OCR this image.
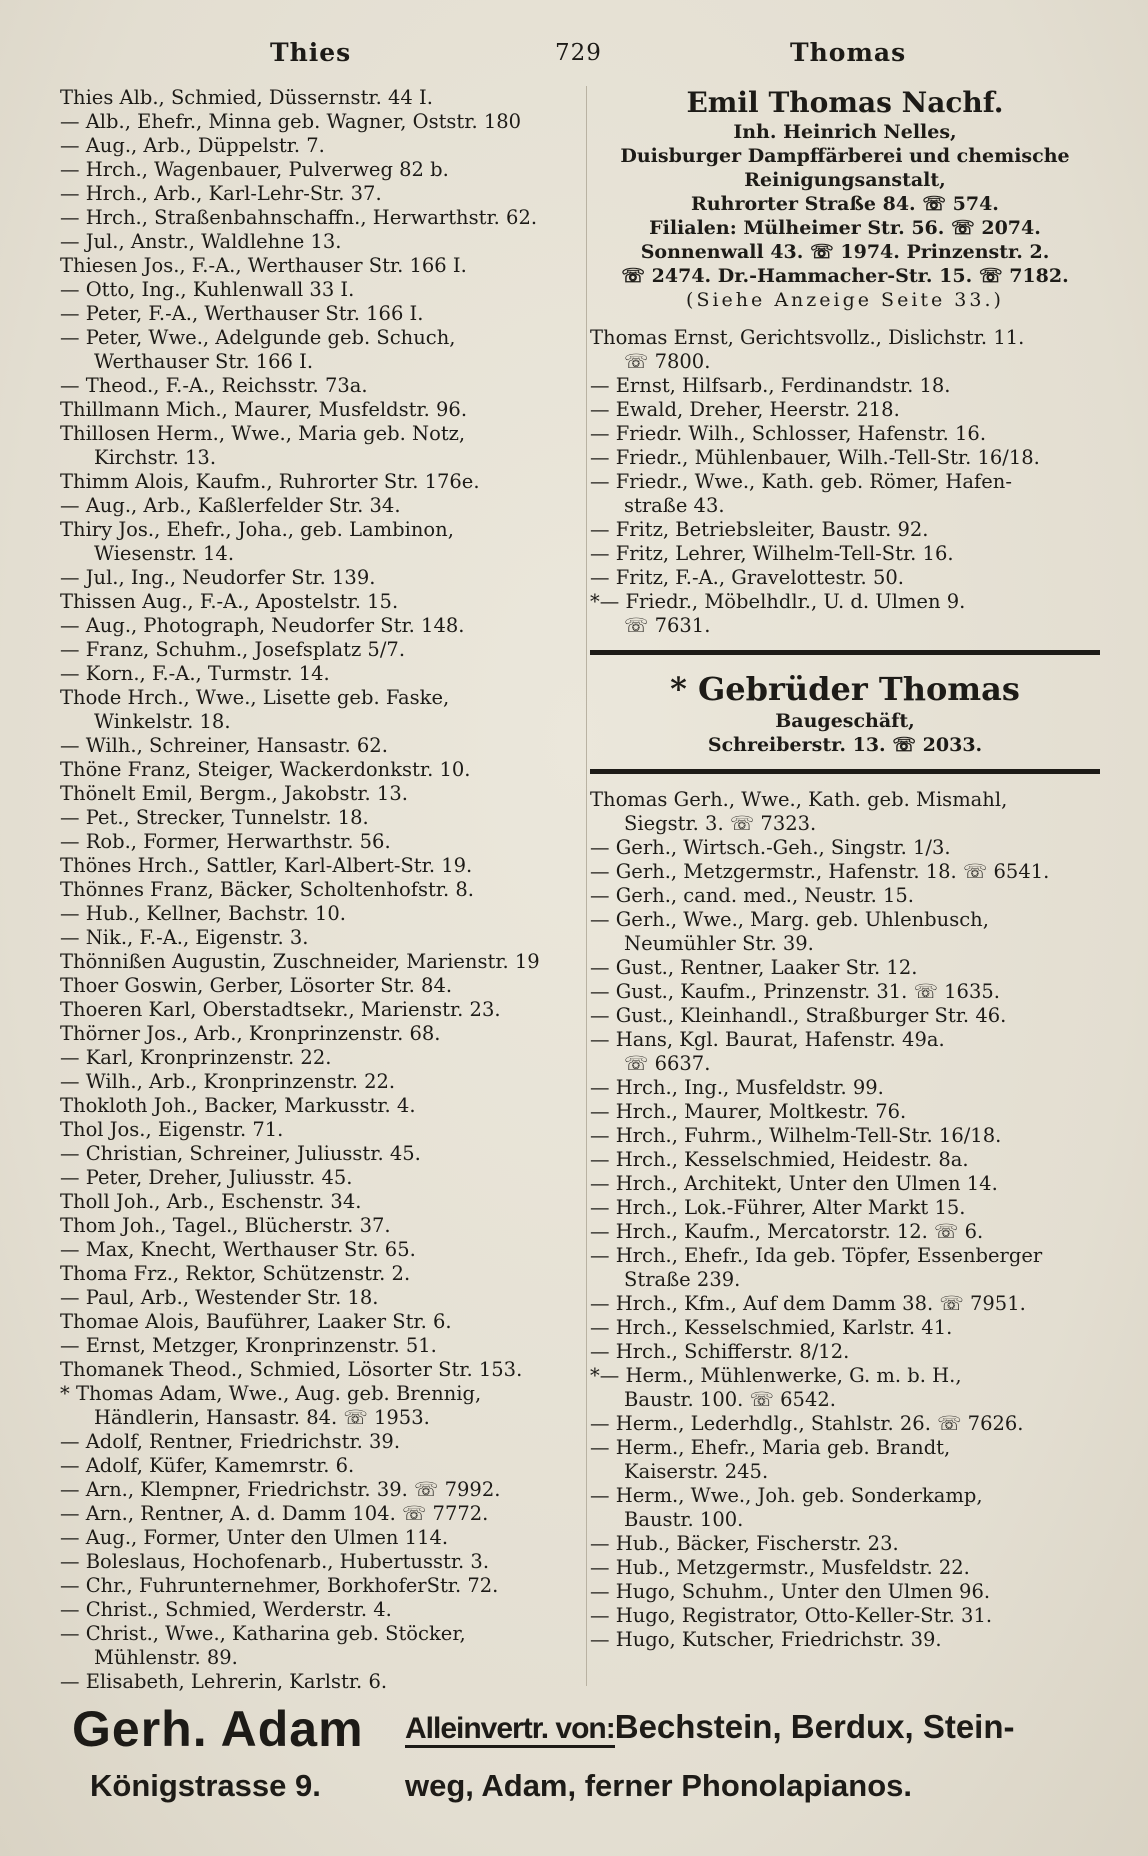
Thies	729	Thomas
Thies Alb., Schmied, Düssernstr. 44 I.
— Alb., Ehefr., Minna geb. Wagner, Oststr. 180
— Aug., Arb., Düppelstr. 7.
— Hrch., Wagenbauer, Pulverweg 82 b.
— Hrch., Arb., Karl-Lehr-Str. 37.
— Hrch., Straßenbahnschaffn., Herwarthstr. 62.
— Jul., Anstr., Waldlehne 13.
Thiesen Jos., F.-A., Werthauser Str. 166 I.
— Otto, Ing., Kuhlenwall 33 I.
— Peter, F.-A., Werthauser Str. 166 I.
— Peter, Wwe., Adelgunde geb. Schuch,
Werthauser Str. 166 I.
— Theod., F.-A., Reichsstr. 73a.
Thillmann Mich., Maurer, Musfeldstr. 96.
Thillosen Herm., Wwe., Maria geb. Notz,
Kirchstr. 13.
Thimm Alois, Kaufm., Ruhrorter Str. 176e.
— Aug., Arb., Kaßlerfelder Str. 34.
Thiry Jos., Ehefr., Joha., geb. Lambinon,
Wiesenstr. 14.
— Jul., Ing., Neudorfer Str. 139.
Thissen Aug., F.-A., Apostelstr. 15.
— Aug., Photograph, Neudorfer Str. 148.
— Franz, Schuhm., Josefsplatz 5/7.
— Korn., F.-A., Turmstr. 14.
Thode Hrch., Wwe., Lisette geb. Faske,
Winkelstr. 18.
— Wilh., Schreiner, Hansastr. 62.
Thöne Franz, Steiger, Wackerdonkstr. 10.
Thönelt Emil, Bergm., Jakobstr. 13.
— Pet., Strecker, Tunnelstr. 18.
— Rob., Former, Herwarthstr. 56.
Thönes Hrch., Sattler, Karl-Albert-Str. 19.
Thönnes Franz, Bäcker, Scholtenhofstr. 8.
— Hub., Kellner, Bachstr. 10.
— Nik., F.-A., Eigenstr. 3.
Thönnißen Augustin, Zuschneider, Marienstr. 19
Thoer Goswin, Gerber, Lösorter Str. 84.
Thoeren Karl, Oberstadtsekr., Marienstr. 23.
Thörner Jos., Arb., Kronprinzenstr. 68.
— Karl, Kronprinzenstr. 22.
— Wilh., Arb., Kronprinzenstr. 22.
Thokloth Joh., Backer, Markusstr. 4.
Thol Jos., Eigenstr. 71.
— Christian, Schreiner, Juliusstr. 45.
— Peter, Dreher, Juliusstr. 45.
Tholl Joh., Arb., Eschenstr. 34.
Thom Joh., Tagel., Blücherstr. 37.
— Max, Knecht, Werthauser Str. 65.
Thoma Frz., Rektor, Schützenstr. 2.
— Paul, Arb., Westender Str. 18.
Thomae Alois, Bauführer, Laaker Str. 6.
— Ernst, Metzger, Kronprinzenstr. 51.
Thomanek Theod., Schmied, Lösorter Str. 153.
* Thomas Adam, Wwe., Aug. geb. Brennig,
Händlerin, Hansastr. 84. ☏ 1953.
— Adolf, Rentner, Friedrichstr. 39.
— Adolf, Küfer, Kamemrstr. 6.
— Arn., Klempner, Friedrichstr. 39. ☏ 7992.
— Arn., Rentner, A. d. Damm 104. ☏ 7772.
— Aug., Former, Unter den Ulmen 114.
— Boleslaus, Hochofenarb., Hubertusstr. 3.
— Chr., Fuhrunternehmer, BorkhoferStr. 72.
— Christ., Schmied, Werderstr. 4.
— Christ., Wwe., Katharina geb. Stöcker,
Mühlenstr. 89.
— Elisabeth, Lehrerin, Karlstr. 6.
Emil Thomas Nachf.
Inh. Heinrich Nelles,
Duisburger Dampffärberei und chemische
Reinigungsanstalt,
Ruhrorter Straße 84. ☏ 574.
Filialen: Mülheimer Str. 56. ☏ 2074.
Sonnenwall 43. ☏ 1974. Prinzenstr. 2.
☏ 2474. Dr.-Hammacher-Str. 15. ☏ 7182.
(Siehe Anzeige Seite 33.)
Thomas Ernst, Gerichtsvollz., Dislichstr. 11.
☏ 7800.
— Ernst, Hilfsarb., Ferdinandstr. 18.
— Ewald, Dreher, Heerstr. 218.
— Friedr. Wilh., Schlosser, Hafenstr. 16.
— Friedr., Mühlenbauer, Wilh.-Tell-Str. 16/18.
— Friedr., Wwe., Kath. geb. Römer, Hafen-
straße 43.
— Fritz, Betriebsleiter, Baustr. 92.
— Fritz, Lehrer, Wilhelm-Tell-Str. 16.
— Fritz, F.-A., Gravelottestr. 50.
*— Friedr., Möbelhdlr., U. d. Ulmen 9.
☏ 7631.
* Gebrüder Thomas
Baugeschäft,
Schreiberstr. 13. ☏ 2033.
Thomas Gerh., Wwe., Kath. geb. Mismahl,
Siegstr. 3. ☏ 7323.
— Gerh., Wirtsch.-Geh., Singstr. 1/3.
— Gerh., Metzgermstr., Hafenstr. 18. ☏ 6541.
— Gerh., cand. med., Neustr. 15.
— Gerh., Wwe., Marg. geb. Uhlenbusch,
Neumühler Str. 39.
— Gust., Rentner, Laaker Str. 12.
— Gust., Kaufm., Prinzenstr. 31. ☏ 1635.
— Gust., Kleinhandl., Straßburger Str. 46.
— Hans, Kgl. Baurat, Hafenstr. 49a.
☏ 6637.
— Hrch., Ing., Musfeldstr. 99.
— Hrch., Maurer, Moltkestr. 76.
— Hrch., Fuhrm., Wilhelm-Tell-Str. 16/18.
— Hrch., Kesselschmied, Heidestr. 8a.
— Hrch., Architekt, Unter den Ulmen 14.
— Hrch., Lok.-Führer, Alter Markt 15.
— Hrch., Kaufm., Mercatorstr. 12. ☏ 6.
— Hrch., Ehefr., Ida geb. Töpfer, Essenberger
Straße 239.
— Hrch., Kfm., Auf dem Damm 38. ☏ 7951.
— Hrch., Kesselschmied, Karlstr. 41.
— Hrch., Schifferstr. 8/12.
*— Herm., Mühlenwerke, G. m. b. H.,
Baustr. 100. ☏ 6542.
— Herm., Lederhdlg., Stahlstr. 26. ☏ 7626.
— Herm., Ehefr., Maria geb. Brandt,
Kaiserstr. 245.
— Herm., Wwe., Joh. geb. Sonderkamp,
Baustr. 100.
— Hub., Bäcker, Fischerstr. 23.
— Hub., Metzgermstr., Musfeldstr. 22.
— Hugo, Schuhm., Unter den Ulmen 96.
— Hugo, Registrator, Otto-Keller-Str. 31.
— Hugo, Kutscher, Friedrichstr. 39.
Gerh. Adam
Königstrasse 9.
Alleinvertr. von:Bechstein, Berdux, Stein-
weg, Adam, ferner Phonolapianos.
